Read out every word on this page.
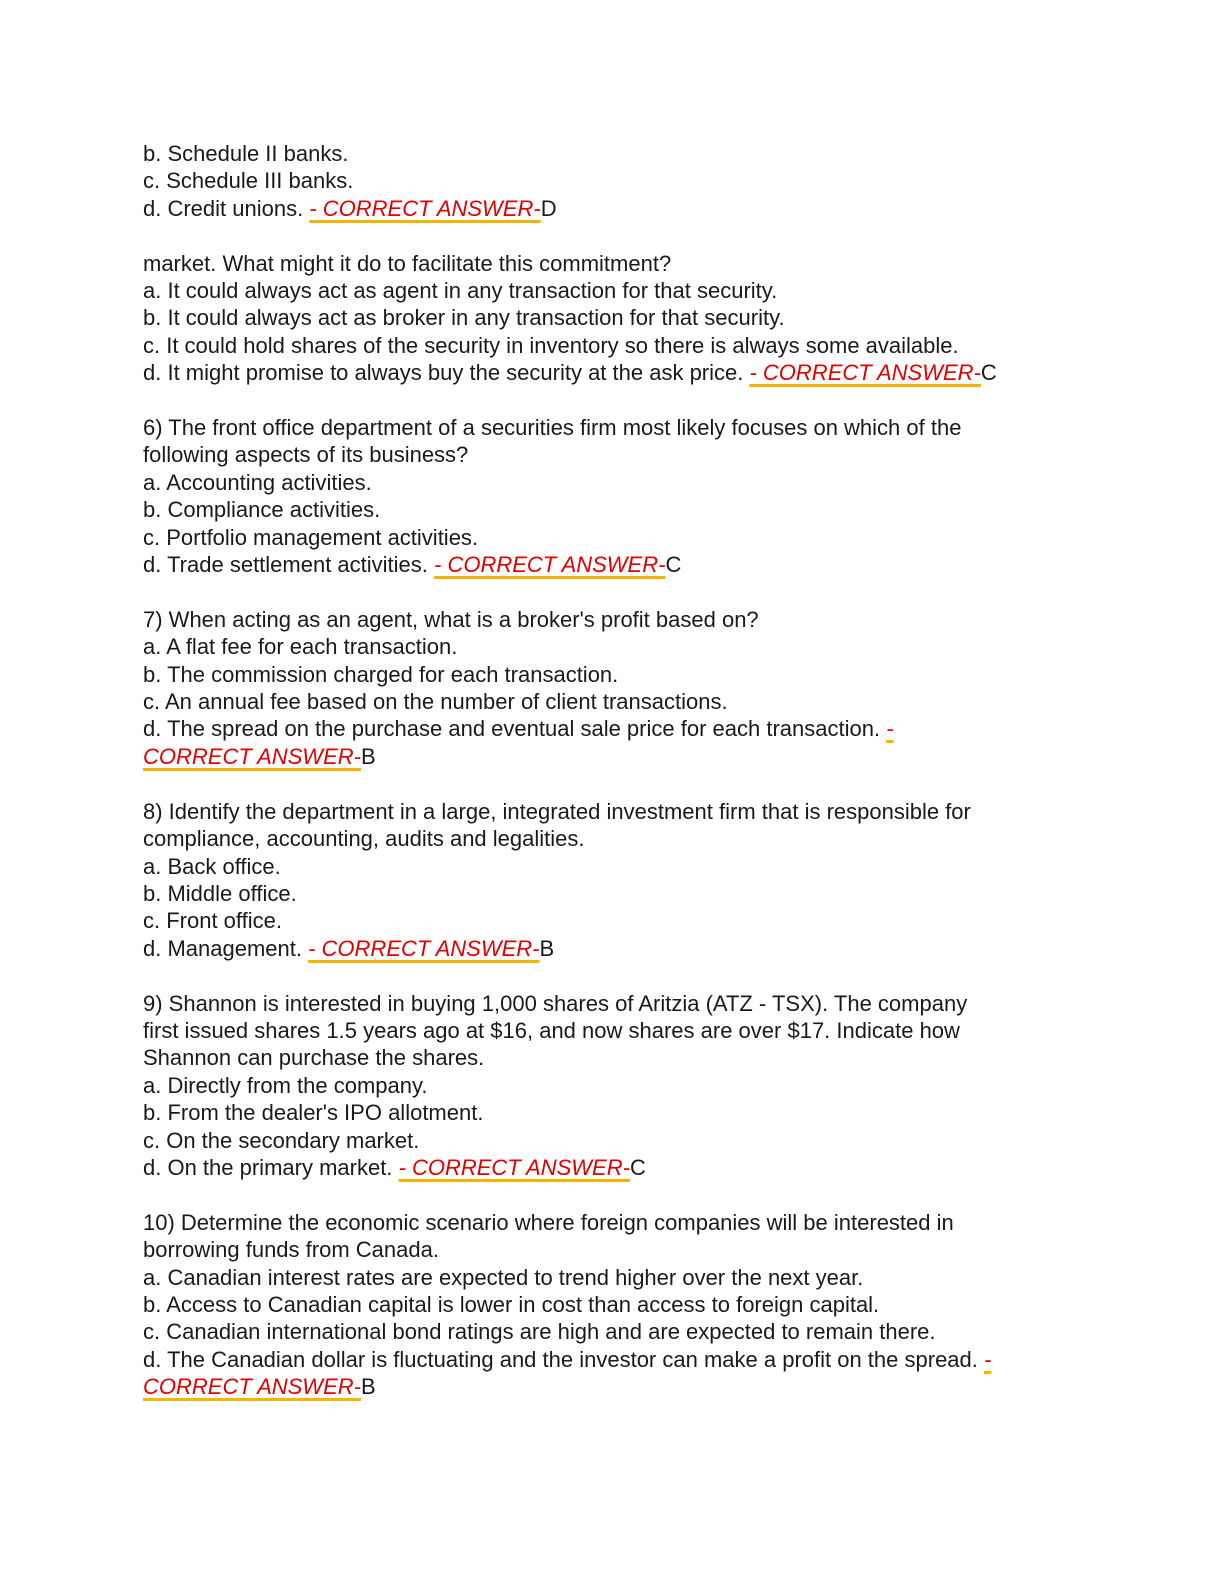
b. Schedule II banks.
c. Schedule III banks.
d. Credit unions. - CORRECT ANSWER-D
market. What might it do to facilitate this commitment?
a. It could always act as agent in any transaction for that security.
b. It could always act as broker in any transaction for that security.
c. It could hold shares of the security in inventory so there is always some available.
d. It might promise to always buy the security at the ask price. - CORRECT ANSWER-C
6) The front office department of a securities firm most likely focuses on which of the
following aspects of its business?
a. Accounting activities.
b. Compliance activities.
c. Portfolio management activities.
d. Trade settlement activities. - CORRECT ANSWER-C
7) When acting as an agent, what is a broker's profit based on?
a. A flat fee for each transaction.
b. The commission charged for each transaction.
c. An annual fee based on the number of client transactions.
d. The spread on the purchase and eventual sale price for each transaction. -
CORRECT ANSWER-B
8) Identify the department in a large, integrated investment firm that is responsible for
compliance, accounting, audits and legalities.
a. Back office.
b. Middle office.
c. Front office.
d. Management. - CORRECT ANSWER-B
9) Shannon is interested in buying 1,000 shares of Aritzia (ATZ - TSX). The company
first issued shares 1.5 years ago at $16, and now shares are over $17. Indicate how
Shannon can purchase the shares.
a. Directly from the company.
b. From the dealer's IPO allotment.
c. On the secondary market.
d. On the primary market. - CORRECT ANSWER-C
10) Determine the economic scenario where foreign companies will be interested in
borrowing funds from Canada.
a. Canadian interest rates are expected to trend higher over the next year.
b. Access to Canadian capital is lower in cost than access to foreign capital.
c. Canadian international bond ratings are high and are expected to remain there.
d. The Canadian dollar is fluctuating and the investor can make a profit on the spread. -
CORRECT ANSWER-B
